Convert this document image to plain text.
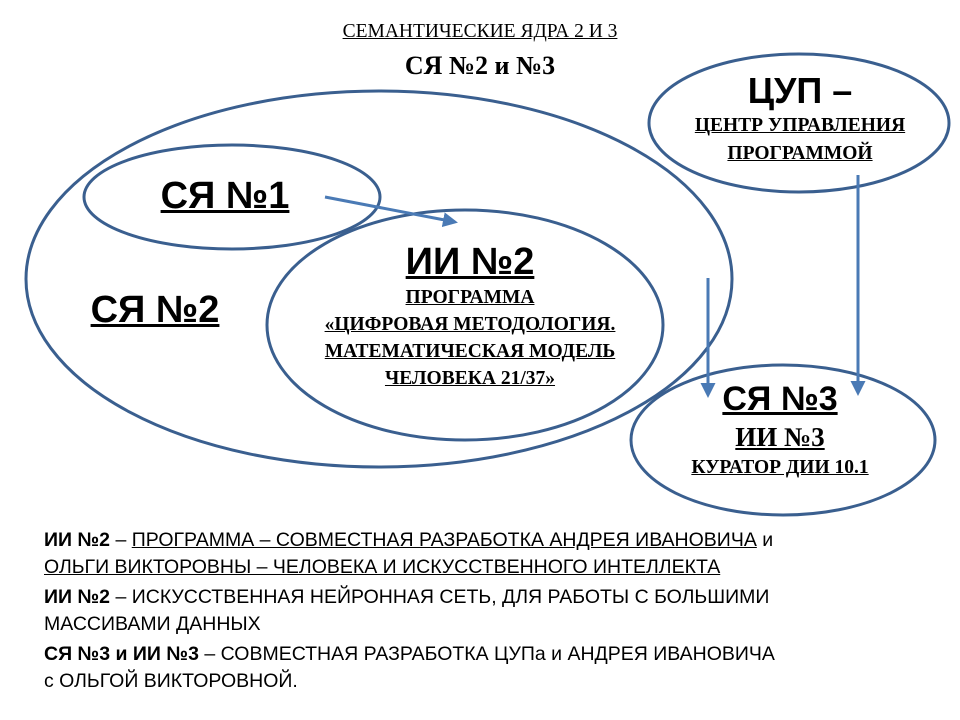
СЕМАНТИЧЕСКИЕ ЯДРА 2 И 3
СЯ №2 и №3
СЯ №1
СЯ №2
ИИ №2
ПРОГРАММА
«ЦИФРОВАЯ МЕТОДОЛОГИЯ.
МАТЕМАТИЧЕСКАЯ МОДЕЛЬ
ЧЕЛОВЕКА 21/37»
ЦУП –
ЦЕНТР УПРАВЛЕНИЯ
ПРОГРАММОЙ
СЯ №3
ИИ №3
КУРАТОР ДИИ 10.1
ИИ №2 – ПРОГРАММА – СОВМЕСТНАЯ РАЗРАБОТКА АНДРЕЯ ИВАНОВИЧА и
ОЛЬГИ ВИКТОРОВНЫ – ЧЕЛОВЕКА И ИСКУССТВЕННОГО ИНТЕЛЛЕКТА
ИИ №2 – ИСКУССТВЕННАЯ НЕЙРОННАЯ СЕТЬ, ДЛЯ РАБОТЫ С БОЛЬШИМИ
МАССИВАМИ ДАННЫХ
СЯ №3 и ИИ №3 – СОВМЕСТНАЯ РАЗРАБОТКА ЦУПа и АНДРЕЯ ИВАНОВИЧА
с ОЛЬГОЙ ВИКТОРОВНОЙ.
